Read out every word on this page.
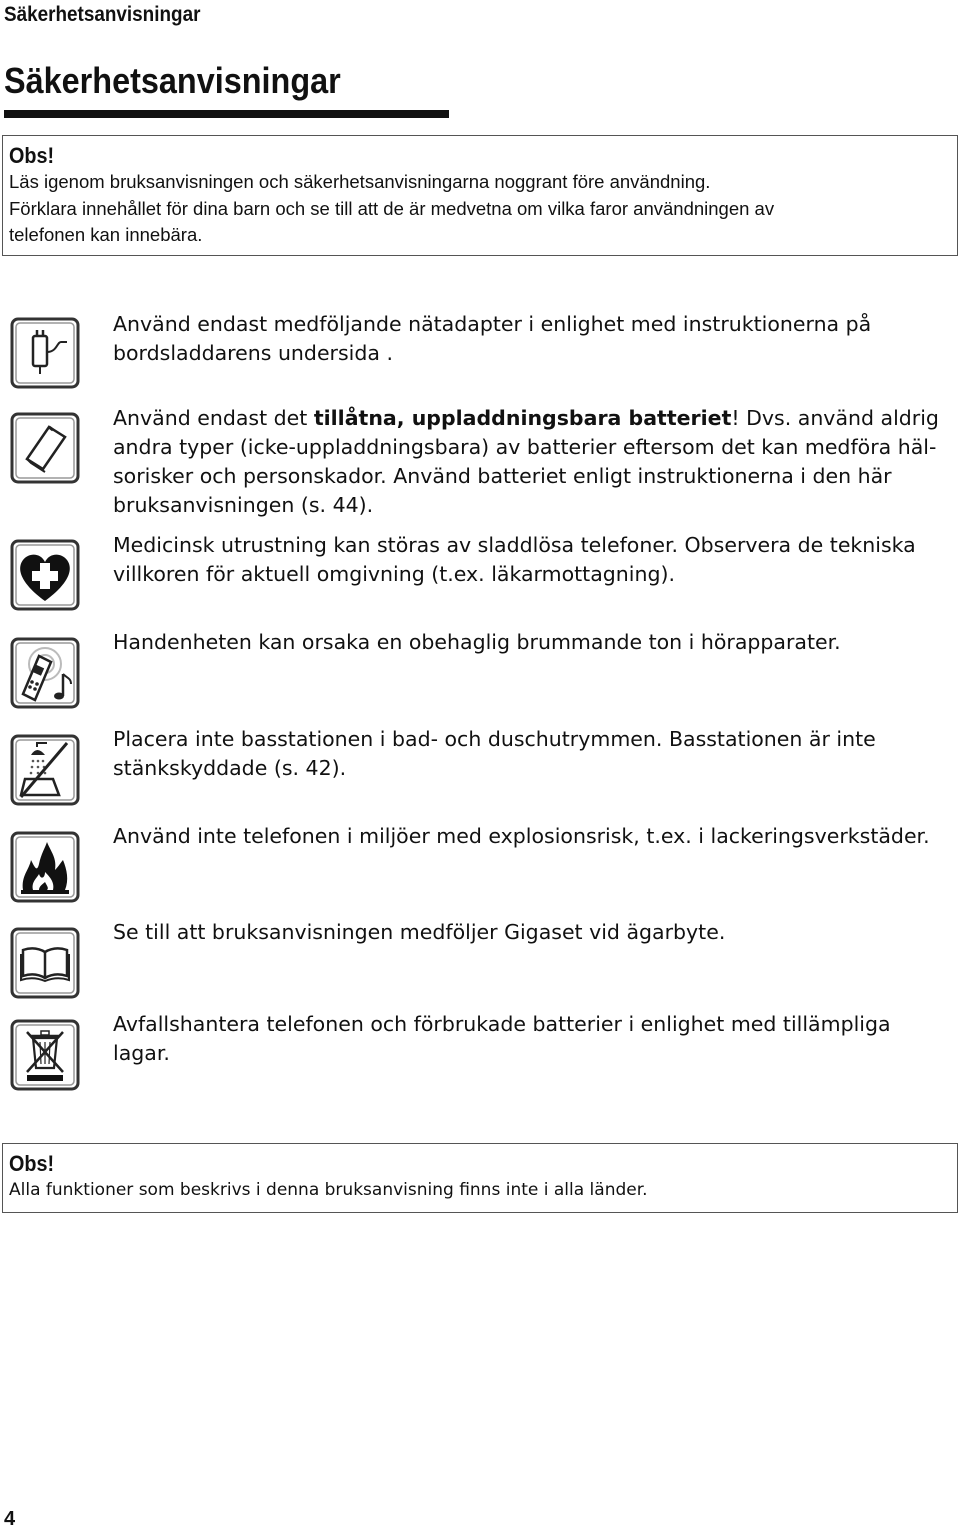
Säkerhetsanvisningar
Säkerhetsanvisningar
Obs!
Läs igenom bruksanvisningen och säkerhetsanvisningarna noggrant före användning.
Förklara innehållet för dina barn och se till att de är medvetna om vilka faror användningen av
telefonen kan innebära.
Använd endast medföljande nätadapter i enlighet med instruktionerna på
bordsladdarens undersida .
Använd endast det tillåtna, uppladdningsbara batteriet! Dvs. använd aldrig
andra typer (icke-uppladdningsbara) av batterier eftersom det kan medföra häl-
sorisker och personskador. Använd batteriet enligt instruktionerna i den här
bruksanvisningen (s. 44).
Medicinsk utrustning kan störas av sladdlösa telefoner. Observera de tekniska
villkoren för aktuell omgivning (t.ex. läkarmottagning).
Handenheten kan orsaka en obehaglig brummande ton i hörapparater.
Placera inte basstationen i bad- och duschutrymmen. Basstationen är inte
stänkskyddade (s. 42).
Använd inte telefonen i miljöer med explosionsrisk, t.ex. i lackeringsverkstäder.
Se till att bruksanvisningen medföljer Gigaset vid ägarbyte.
Avfallshantera telefonen och förbrukade batterier i enlighet med tillämpliga
lagar.
Obs!
Alla funktioner som beskrivs i denna bruksanvisning finns inte i alla länder.
4
